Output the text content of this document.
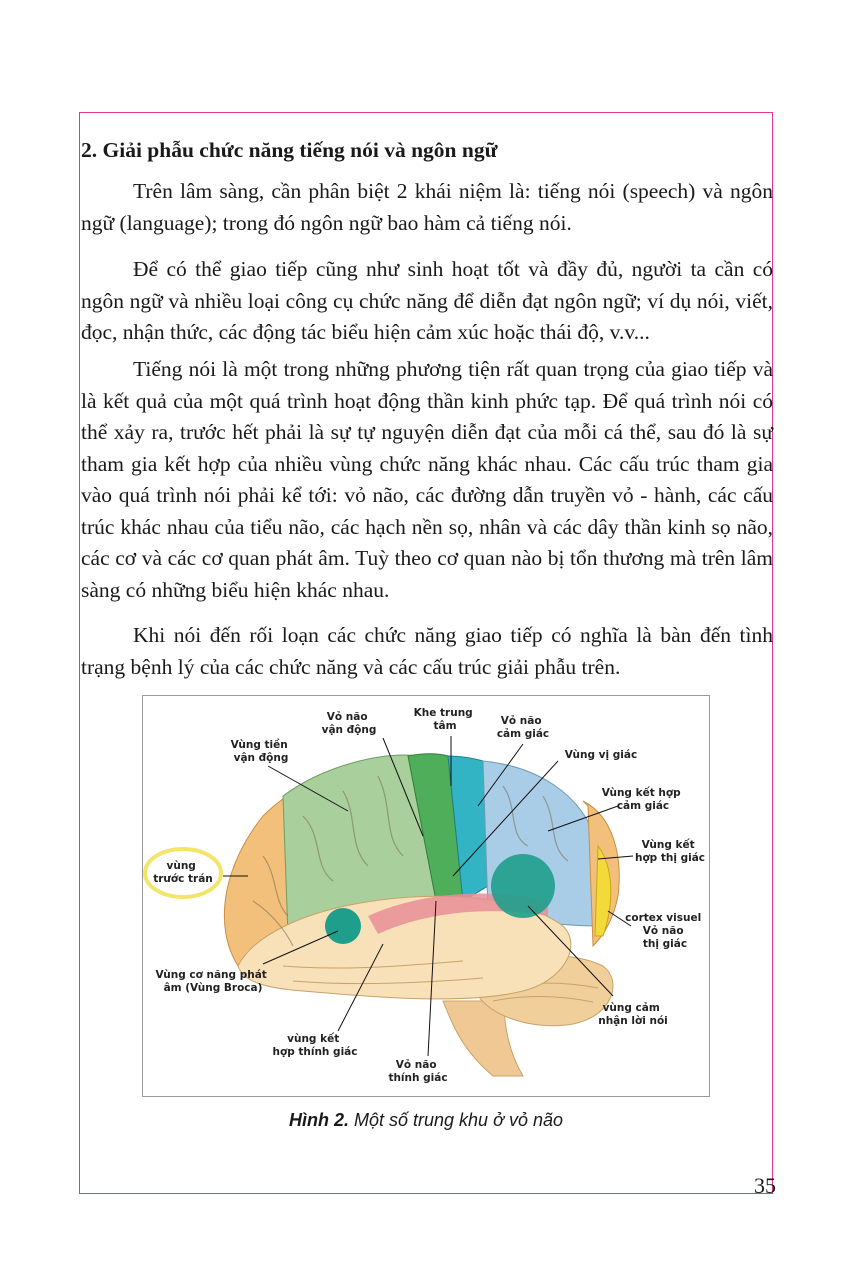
2. Giải phẫu chức năng tiếng nói và ngôn ngữ

Trên lâm sàng, cần phân biệt 2 khái niệm là: tiếng nói (speech) và ngôn ngữ (language); trong đó ngôn ngữ bao hàm cả tiếng nói.

Để có thể giao tiếp cũng như sinh hoạt tốt và đầy đủ, người ta cần có ngôn ngữ và nhiều loại công cụ chức năng để diễn đạt ngôn ngữ; ví dụ nói, viết, đọc, nhận thức, các động tác biểu hiện cảm xúc hoặc thái độ, v.v...

Tiếng nói là một trong những phương tiện rất quan trọng của giao tiếp và là kết quả của một quá trình hoạt động thần kinh phức tạp. Để quá trình nói có thể xảy ra, trước hết phải là sự tự nguyện diễn đạt của mỗi cá thể, sau đó là sự tham gia kết hợp của nhiều vùng chức năng khác nhau. Các cấu trúc tham gia vào quá trình nói phải kể tới: vỏ não, các đường dẫn truyền vỏ - hành, các cấu trúc khác nhau của tiểu não, các hạch nền sọ, nhân và các dây thần kinh sọ não, các cơ và các cơ quan phát âm. Tuỳ theo cơ quan nào bị tổn thương mà trên lâm sàng có những biểu hiện khác nhau.

Khi nói đến rối loạn các chức năng giao tiếp có nghĩa là bàn đến tình trạng bệnh lý của các chức năng và các cấu trúc giải phẫu trên.

Vỏ não vận động
Khe trung tâm	Vỏ não cảm giác
Vùng tiền vận động	Vùng vị giác
Vùng kết hợp cảm giác
Vùng kết hợp thị giác
vùng trước trán
cortex visuel Vỏ não thị giác
Vùng cơ năng phát âm (Vùng Broca)
vùng cảm nhận lời nói
vùng kết hợp thính giác
Vỏ não thính giác
Hình 2. Một số trung khu ở vỏ não
35
